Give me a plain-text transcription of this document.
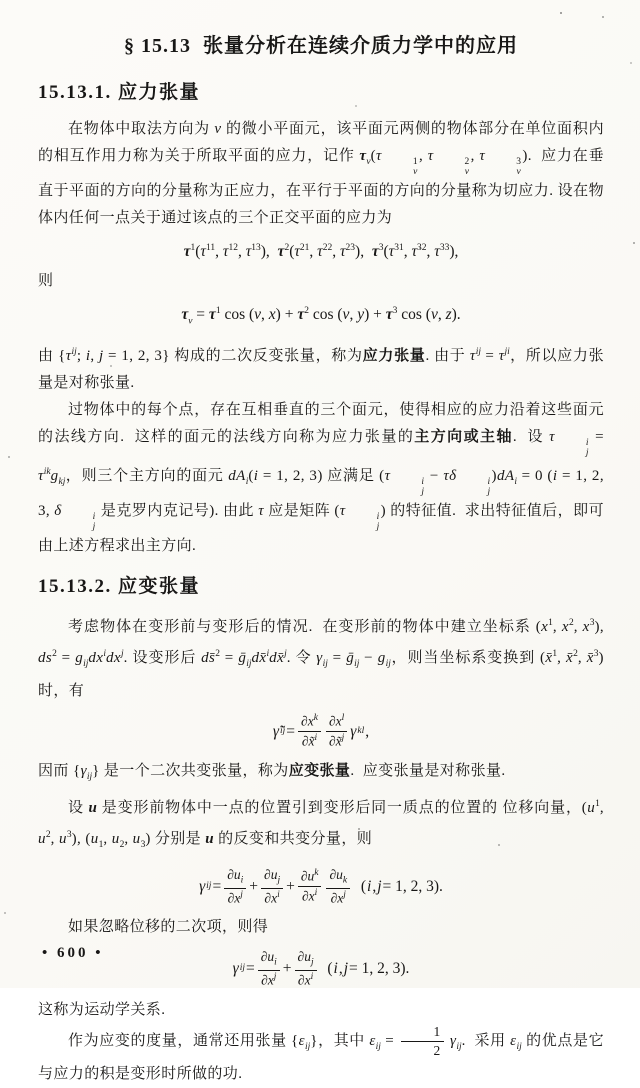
§ 15.13  张量分析在连续介质力学中的应用
15.13.1. 应力张量

在物体中取法方向为 ν 的微小平面元，该平面元两侧的物体部分在单位面积内的相互作用力称为关于所取平面的应力，记作 $\tau_\nu(\tau$	1
ν
, τ	2
ν
, τ	3
ν
).  应力在垂直于平面的方向的分量称为正应力，在平行于平面的方向的分量称为切应力. 设在物体内任何一点关于通过该点的三个正交平面的应力为

$\tau^1(\tau^{11}$, $\tau^{12}$, $\tau^{13}$),  $\tau^2(\tau^{21}$, $\tau^{22}$, $\tau^{23}$),  $\tau^3(\tau^{31}$, $\tau^{32}$, $\tau^{33}$),

则

$\tau_\nu = \tau^1$ cos (ν, $x) + \tau^2$ cos (ν, $y) + \tau^3$ cos (ν, z).

由 {$\tau^{ij}$; i, j = 1, 2, 3} 构成的二次反变张量，称为应力张量. 由于 $\tau^{ij} = \tau^{ji}$，所以应力张量是对称张量.

过物体中的每个点，存在互相垂直的三个面元，使得相应的应力沿着这些面元的法线方向.  这样的面元的法线方向称为应力张量的主方向或主轴.  设 τ	i
j
= $\tau^{ik}g_{kj}$，则三个主方向的面元 $dA_i(i = 1$, 2, 3) 应满足 (τ	i
j
− τδ	i
j
)$dA_i = 0$ (i = 1, 2, 3, δ	i
j
是克罗内克记号). 由此 τ 应是矩阵 (τ	i
j
) 的特征值.  求出特征值后，即可由上述方程求出主方向.

15.13.2. 应变张量

考虑物体在变形前与变形后的情况.  在变形前的物体中建立坐标系 ($x^1$, $x^2$, $x^3$), $ds^2 = g_{ij}dx^idx^j$. 设变形后 ds̄$^2$ = ḡ$_{ij}$dx̄$^i$dx̄$^j$. 令 $\gamma_{ij}$ = ḡ$_{ij}$ − $g_{ij}$，则当坐标系变换到 (x̄$^1$, x̄$^2$, x̄$^3$) 时，有

γ̃ ij = $\frac{\partial x^k}{\partial x̃^i} \frac{\partial x^l}{\partial x̃^j}$ γ kl ,

因而 $\{\gamma_{ij}\}$ 是一个二次共变张量，称为应变张量.  应变张量是对称张量.

设 u 是变形前物体中一点的位置引到变形后同一质点的位置的 位移向量，($u^1$, $u^2$, $u^3$), ($u_1$, $u_2$, $u_3$) 分别是 u 的反变和共变分量，则

γ ij = $\frac{\partial u_i}{\partial x^j} + \frac{\partial u_j}{\partial x^i} + \frac{\partial u^k}{\partial x^i} \frac{\partial u_k}{\partial x^j}$ ( i , j = 1, 2, 3).

如果忽略位移的二次项，则得

γ ij = $\frac{\partial u_i}{\partial x^j} + \frac{\partial u_j}{\partial x^i}$ ( i , j = 1, 2, 3).

这称为运动学关系.

作为应变的度量，通常还用张量 $\{\varepsilon_{ij}\}$，其中 $\varepsilon_{ij} = \frac{1}{2} \gamma_{ij}$.  采用 $\varepsilon_{ij}$ 的优点是它与应力的积是变形时所做的功.

• 600 •
